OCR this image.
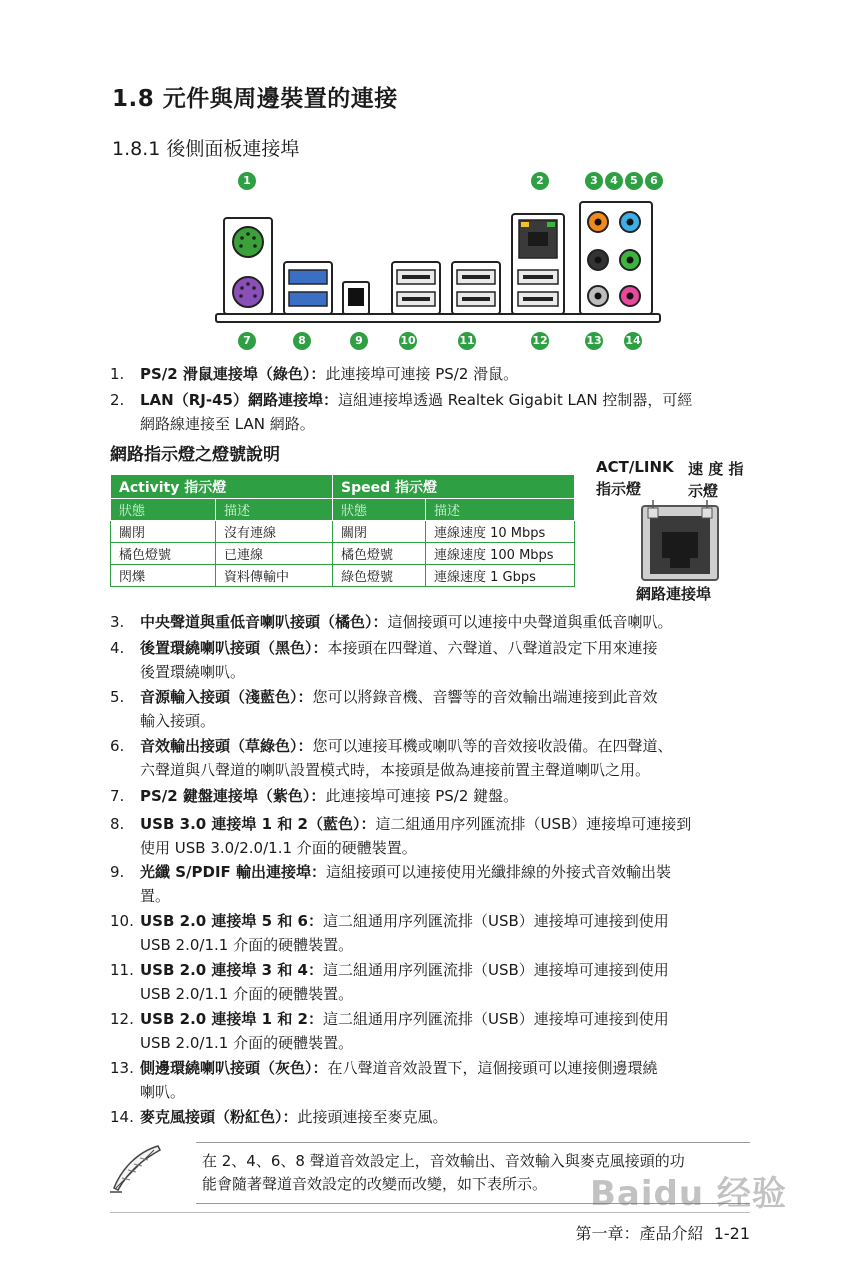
1.8 元件與周邊裝置的連接
1.8.1 後側面板連接埠
1	2	3	4	5	6
7	8	9	10	11	12	13 14
1. PS/2 滑鼠連接埠（綠色）：此連接埠可連接 PS/2 滑鼠。
2. LAN（RJ-45）網路連接埠：這組連接埠透過 Realtek Gigabit LAN 控制器，可經
網路線連接至 LAN 網路。
網路指示燈之燈號說明
Activity 指示燈		Speed 指示燈	
狀態	描述	狀態	描述
關閉	沒有連線	關閉	連線速度 10 Mbps
橘色燈號	已連線	橘色燈號	連線速度 100 Mbps
閃爍	資料傳輸中	綠色燈號	連線速度 1 Gbps
ACT/LINK
指示燈
速 度 指
示燈
網路連接埠
3. 中央聲道與重低音喇叭接頭（橘色）：這個接頭可以連接中央聲道與重低音喇叭。
4. 後置環繞喇叭接頭（黑色）：本接頭在四聲道、六聲道、八聲道設定下用來連接
後置環繞喇叭。
5. 音源輸入接頭（淺藍色）：您可以將錄音機、音響等的音效輸出端連接到此音效
輸入接頭。
6. 音效輸出接頭（草綠色）：您可以連接耳機或喇叭等的音效接收設備。在四聲道、
六聲道與八聲道的喇叭設置模式時，本接頭是做為連接前置主聲道喇叭之用。
7. PS/2 鍵盤連接埠（紫色）：此連接埠可連接 PS/2 鍵盤。
8. USB 3.0 連接埠 1 和 2（藍色）：這二組通用序列匯流排（USB）連接埠可連接到
使用 USB 3.0/2.0/1.1 介面的硬體裝置。
9. 光纖 S/PDIF 輸出連接埠：這組接頭可以連接使用光纖排線的外接式音效輸出裝
置。
10. USB 2.0 連接埠 5 和 6：這二組通用序列匯流排（USB）連接埠可連接到使用
USB 2.0/1.1 介面的硬體裝置。
11. USB 2.0 連接埠 3 和 4：這二組通用序列匯流排（USB）連接埠可連接到使用
USB 2.0/1.1 介面的硬體裝置。
12. USB 2.0 連接埠 1 和 2：這二組通用序列匯流排（USB）連接埠可連接到使用
USB 2.0/1.1 介面的硬體裝置。
13. 側邊環繞喇叭接頭（灰色）：在八聲道音效設置下，這個接頭可以連接側邊環繞
喇叭。
14. 麥克風接頭（粉紅色）：此接頭連接至麥克風。
在 2、4、6、8 聲道音效設定上，音效輸出、音效輸入與麥克風接頭的功
能會隨著聲道音效設定的改變而改變，如下表所示。	Baidu 经验
第一章：產品介紹 1-21
